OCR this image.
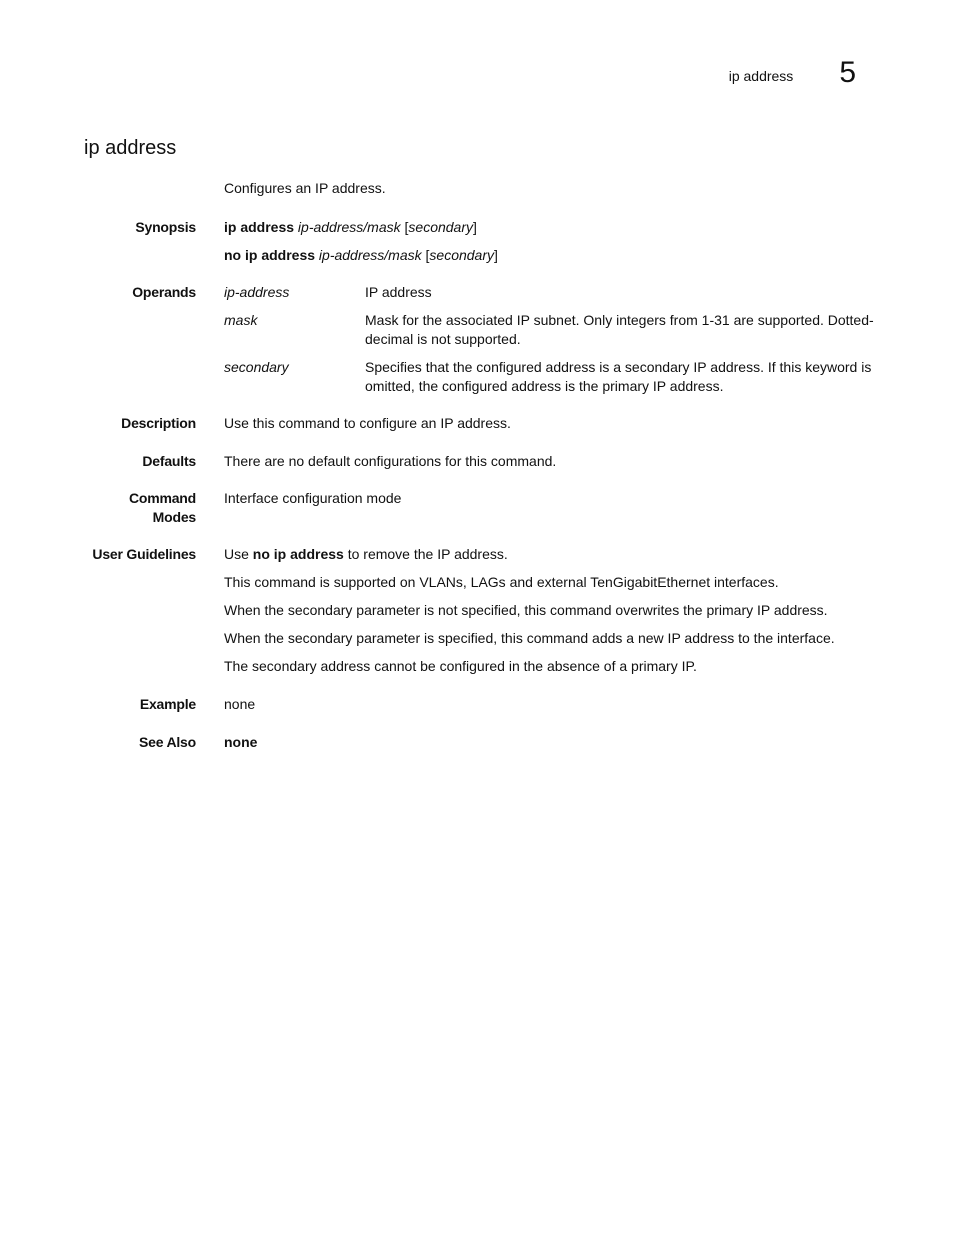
ip address 5
ip address
Configures an IP address.
Synopsis ip address ip-address/mask [secondary]

no ip address ip-address/mask [secondary]

Operands ip-address	IP address
mask	Mask for the associated IP subnet. Only integers from 1-31 are supported. Dotted-decimal is not supported.
secondary	Specifies that the configured address is a secondary IP address. If this keyword is omitted, the configured address is the primary IP address.
Description Use this command to configure an IP address.
Defaults There are no default configurations for this command.
Command
Modes
Interface configuration mode
User Guidelines Use no ip address to remove the IP address.

This command is supported on VLANs, LAGs and external TenGigabitEthernet interfaces.

When the secondary parameter is not specified, this command overwrites the primary IP address.

When the secondary parameter is specified, this command adds a new IP address to the interface.

The secondary address cannot be configured in the absence of a primary IP.

Example none
See Also none
